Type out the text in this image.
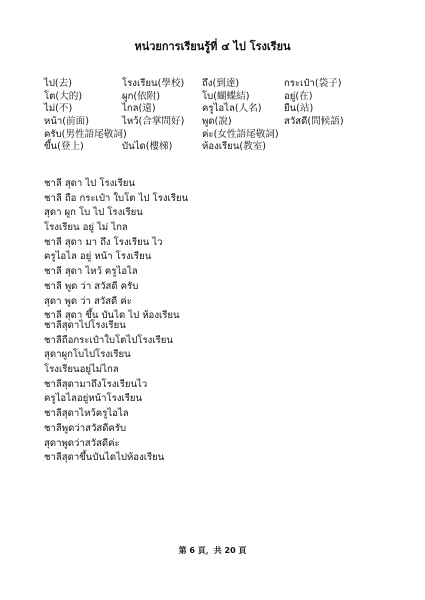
หน่วยการเรียนรู้ที่ ๔ ไป โรงเรียน
ไป(去)	โรงเรียน(學校) ถึง(到達)	กระเป๋า(袋子)
โต(大的)	ผูก(依附)	โบ(蝴蝶結)	อยู่(在)
ไม่(不)	ไกล(遠)	ครูไอไล(人名) ยืน(站)
หน้า(前面)	ไหว้(合掌問好) พูด(說)	สวัสดี(問候語)
ครับ(男性語尾敬詞)	ค่ะ(女性語尾敬詞)
ขึ้น(登上)	บันได(樓梯)	ห้องเรียน(教室)
ชาลี สุดา ไป โรงเรียน
ชาลี ถือ กระเป๋า ใบโต ไป โรงเรียน
สุดา ผูก โบ ไป โรงเรียน
โรงเรียน อยู่ ไม่ ไกล
ชาลี สุดา มา ถึง โรงเรียน ไว
ครูไอไล อยู่ หน้า โรงเรียน
ชาลี สุดา ไหว้ ครูไอไล
ชาลี พูด ว่า สวัสดี ครับ
สุดา พูด ว่า สวัสดี ค่ะ
ชาลี สุดา ขึ้น บันได ไป ห้องเรียน
ชาลีสุดาไปโรงเรียน
ชาลีถือกระเป๋าใบโตไปโรงเรียน
สุดาผูกโบไปโรงเรียน
โรงเรียนอยู่ไม่ไกล
ชาลีสุดามาถึงโรงเรียนไว
ครูไอไลอยู่หน้าโรงเรียน
ชาลีสุดาไหว้ครูไอไล
ชาลีพูดว่าสวัสดีครับ
สุดาพูดว่าสวัสดีค่ะ
ชาลีสุดาขึ้นบันไดไปห้องเรียน
第 6 頁，共 20 頁
